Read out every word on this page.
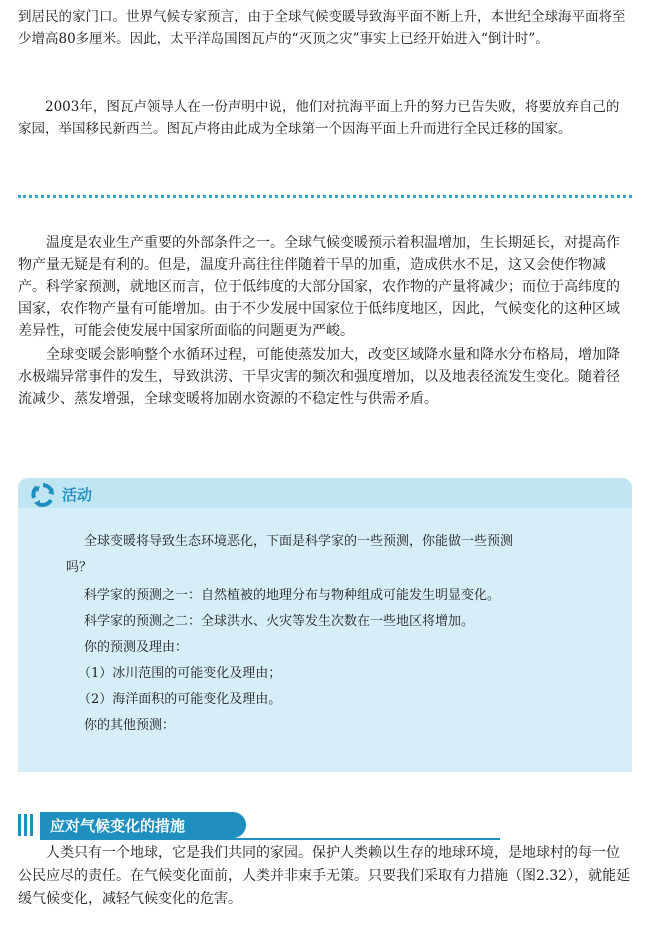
到居民的家门口。世界气候专家预言，由于全球气候变暖导致海平面不断上升，本世纪全球海平面将至少增高80多厘米。因此，太平洋岛国图瓦卢的“灭顶之灾”事实上已经开始进入“倒计时”。

2003年，图瓦卢领导人在一份声明中说，他们对抗海平面上升的努力已告失败，将要放弃自己的家园，举国移民新西兰。图瓦卢将由此成为全球第一个因海平面上升而进行全民迁移的国家。

温度是农业生产重要的外部条件之一。全球气候变暖预示着积温增加，生长期延长，对提高作物产量无疑是有利的。但是，温度升高往往伴随着干旱的加重，造成供水不足，这又会使作物减产。科学家预测，就地区而言，位于低纬度的大部分国家，农作物的产量将减少；而位于高纬度的国家，农作物产量有可能增加。由于不少发展中国家位于低纬度地区，因此，气候变化的这种区域差异性，可能会使发展中国家所面临的问题更为严峻。

全球变暖会影响整个水循环过程，可能使蒸发加大，改变区域降水量和降水分布格局，增加降水极端异常事件的发生，导致洪涝、干旱灾害的频次和强度增加，以及地表径流发生变化。随着径流减少、蒸发增强，全球变暖将加剧水资源的不稳定性与供需矛盾。

活动
全球变暖将导致生态环境恶化，下面是科学家的一些预测，你能做一些预测
吗？
科学家的预测之一：自然植被的地理分布与物种组成可能发生明显变化。
科学家的预测之二：全球洪水、火灾等发生次数在一些地区将增加。
你的预测及理由：
（1）冰川范围的可能变化及理由；
（2）海洋面积的可能变化及理由。
你的其他预测：
应对气候变化的措施

人类只有一个地球，它是我们共同的家园。保护人类赖以生存的地球环境，是地球村的每一位公民应尽的责任。在气候变化面前，人类并非束手无策。只要我们采取有力措施（图2.32），就能延缓气候变化，减轻气候变化的危害。
